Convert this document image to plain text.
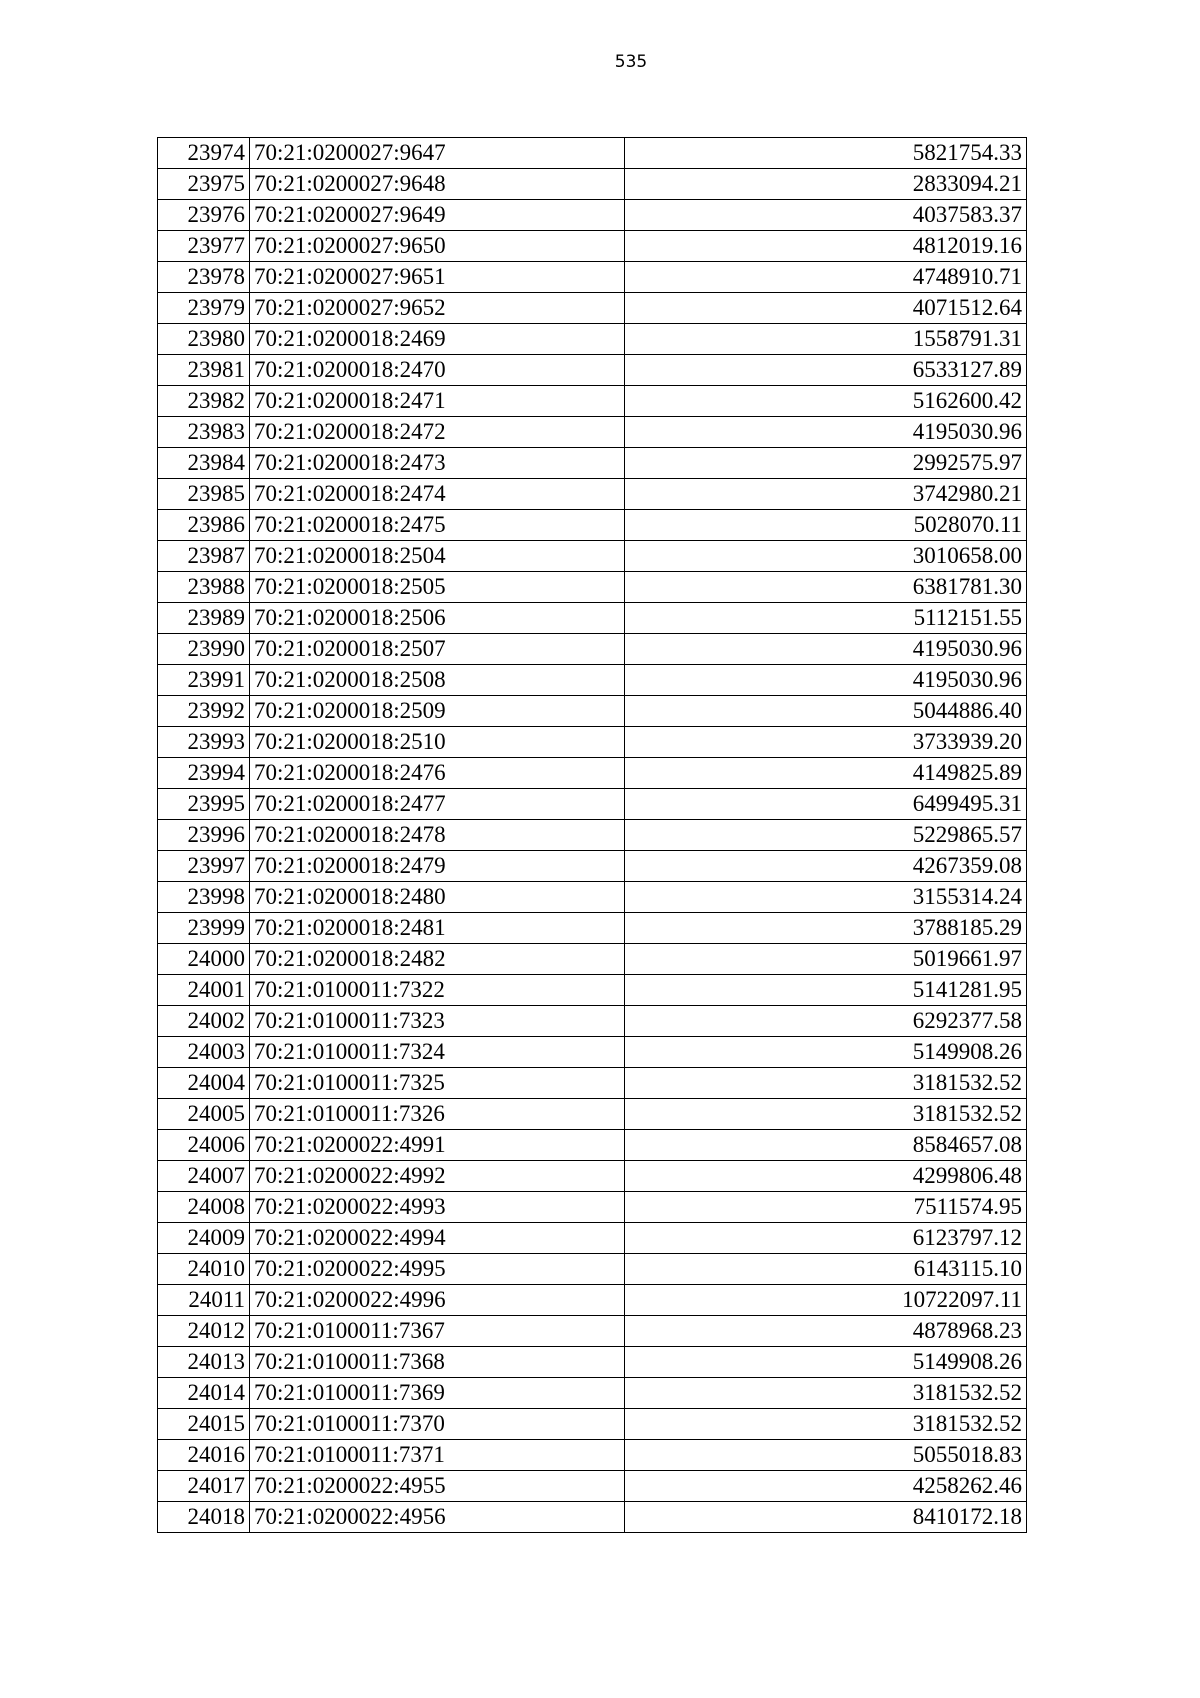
535
23974	70:21:0200027:9647	5821754.33
23975	70:21:0200027:9648	2833094.21
23976	70:21:0200027:9649	4037583.37
23977	70:21:0200027:9650	4812019.16
23978	70:21:0200027:9651	4748910.71
23979	70:21:0200027:9652	4071512.64
23980	70:21:0200018:2469	1558791.31
23981	70:21:0200018:2470	6533127.89
23982	70:21:0200018:2471	5162600.42
23983	70:21:0200018:2472	4195030.96
23984	70:21:0200018:2473	2992575.97
23985	70:21:0200018:2474	3742980.21
23986	70:21:0200018:2475	5028070.11
23987	70:21:0200018:2504	3010658.00
23988	70:21:0200018:2505	6381781.30
23989	70:21:0200018:2506	5112151.55
23990	70:21:0200018:2507	4195030.96
23991	70:21:0200018:2508	4195030.96
23992	70:21:0200018:2509	5044886.40
23993	70:21:0200018:2510	3733939.20
23994	70:21:0200018:2476	4149825.89
23995	70:21:0200018:2477	6499495.31
23996	70:21:0200018:2478	5229865.57
23997	70:21:0200018:2479	4267359.08
23998	70:21:0200018:2480	3155314.24
23999	70:21:0200018:2481	3788185.29
24000	70:21:0200018:2482	5019661.97
24001	70:21:0100011:7322	5141281.95
24002	70:21:0100011:7323	6292377.58
24003	70:21:0100011:7324	5149908.26
24004	70:21:0100011:7325	3181532.52
24005	70:21:0100011:7326	3181532.52
24006	70:21:0200022:4991	8584657.08
24007	70:21:0200022:4992	4299806.48
24008	70:21:0200022:4993	7511574.95
24009	70:21:0200022:4994	6123797.12
24010	70:21:0200022:4995	6143115.10
24011	70:21:0200022:4996	10722097.11
24012	70:21:0100011:7367	4878968.23
24013	70:21:0100011:7368	5149908.26
24014	70:21:0100011:7369	3181532.52
24015	70:21:0100011:7370	3181532.52
24016	70:21:0100011:7371	5055018.83
24017	70:21:0200022:4955	4258262.46
24018	70:21:0200022:4956	8410172.18
